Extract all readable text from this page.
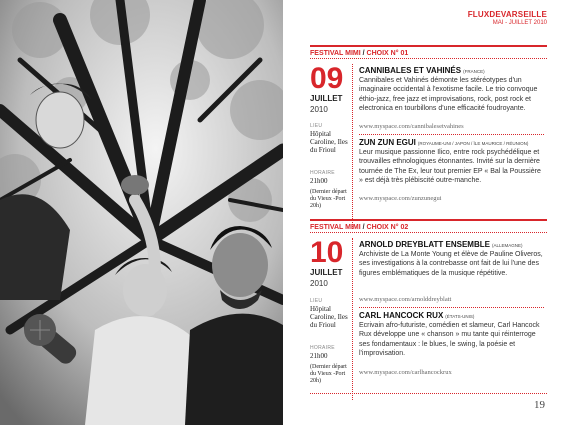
FLUXDEVARSEILLE
MAI - JUILLET 2010
FESTIVAL MIMI / CHOIX N° 01
09
JUILLET
2010
LIEU
Hôpital Caroline, Iles du Frioul
HORAIRE
21h00
(Dernier départ du Vieux -Port 20h)
CANNIBALES ET VAHINÉS (FRANCE)
Cannibales et Vahinés démonte les stéréotypes d'un imaginaire occidental à l'exotisme facile. Le trio convoque éthio-jazz, free jazz et improvisations, rock, post rock et electronica en tourbillons d'une efficacité foudroyante.
www.myspace.com/cannibalesetvahines
ZUN ZUN EGUI (ROYAUME-UNI / JAPON / ÎLE MAURICE / RÉUNION)
Leur musique passionne Ilico, entre rock psychédélique et trouvailles ethnologiques étonnantes. Invité sur la dernière tournée de The Ex, leur tout premier EP « Bal la Poussière » est déjà très plébiscité outre-manche.
www.myspace.com/zunzunegui
FESTIVAL MIMI / CHOIX N° 02
10
JUILLET
2010
LIEU
Hôpital Caroline, Iles du Frioul
HORAIRE
21h00
(Dernier départ du Vieux -Port 20h)
ARNOLD DREYBLATT ENSEMBLE (ALLEMAGNE)
Archiviste de La Monte Young et élève de Pauline Oliveros, ses investigations à la contrebasse ont fait de lui l'une des figures emblématiques de la musique répétitive.
www.myspace.com/arnolddreyblatt
CARL HANCOCK RUX (ÉTATS-UNIS)
Ecrivain afro-futuriste, comédien et slameur, Carl Hancock Rux développe une « chanson » mu tante qui réinterroge ses fondamentaux : le blues, le swing, la poésie et l'improvisation.
www.myspace.com/carlhancockrux
19
